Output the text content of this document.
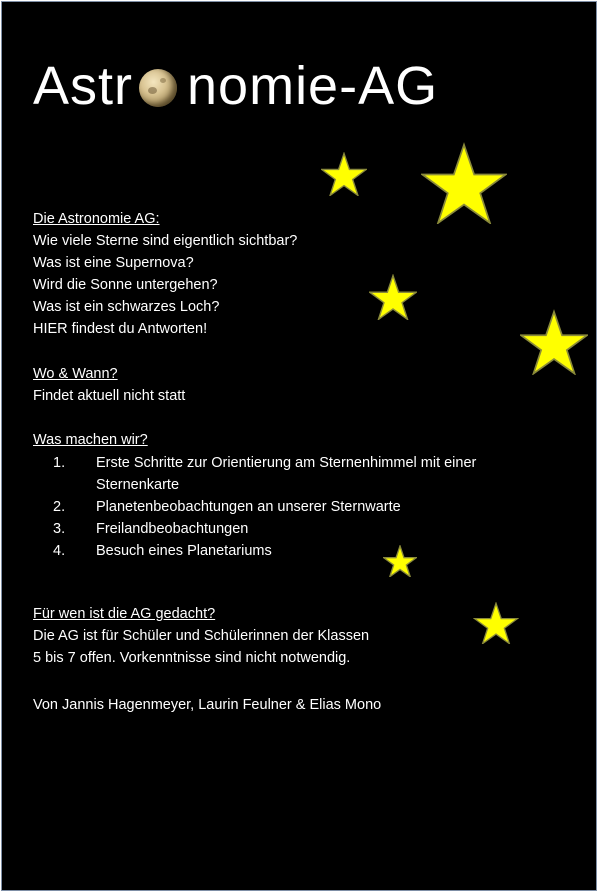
Astr nomie-AG
Die Astronomie AG:
Wie viele Sterne sind eigentlich sichtbar?
Was ist eine Supernova?
Wird die Sonne untergehen?
Was ist ein schwarzes Loch?
HIER findest du Antworten!
Wo & Wann?
Findet aktuell nicht statt
Was machen wir?
1. Erste Schritte zur Orientierung am Sternenhimmel mit einer
Sternenkarte
2. Planetenbeobachtungen an unserer Sternwarte
3. Freilandbeobachtungen
4. Besuch eines Planetariums
Für wen ist die AG gedacht?
Die AG ist für Schüler und Schülerinnen der Klassen
5 bis 7 offen. Vorkenntnisse sind nicht notwendig.
Von Jannis Hagenmeyer, Laurin Feulner & Elias Mono
